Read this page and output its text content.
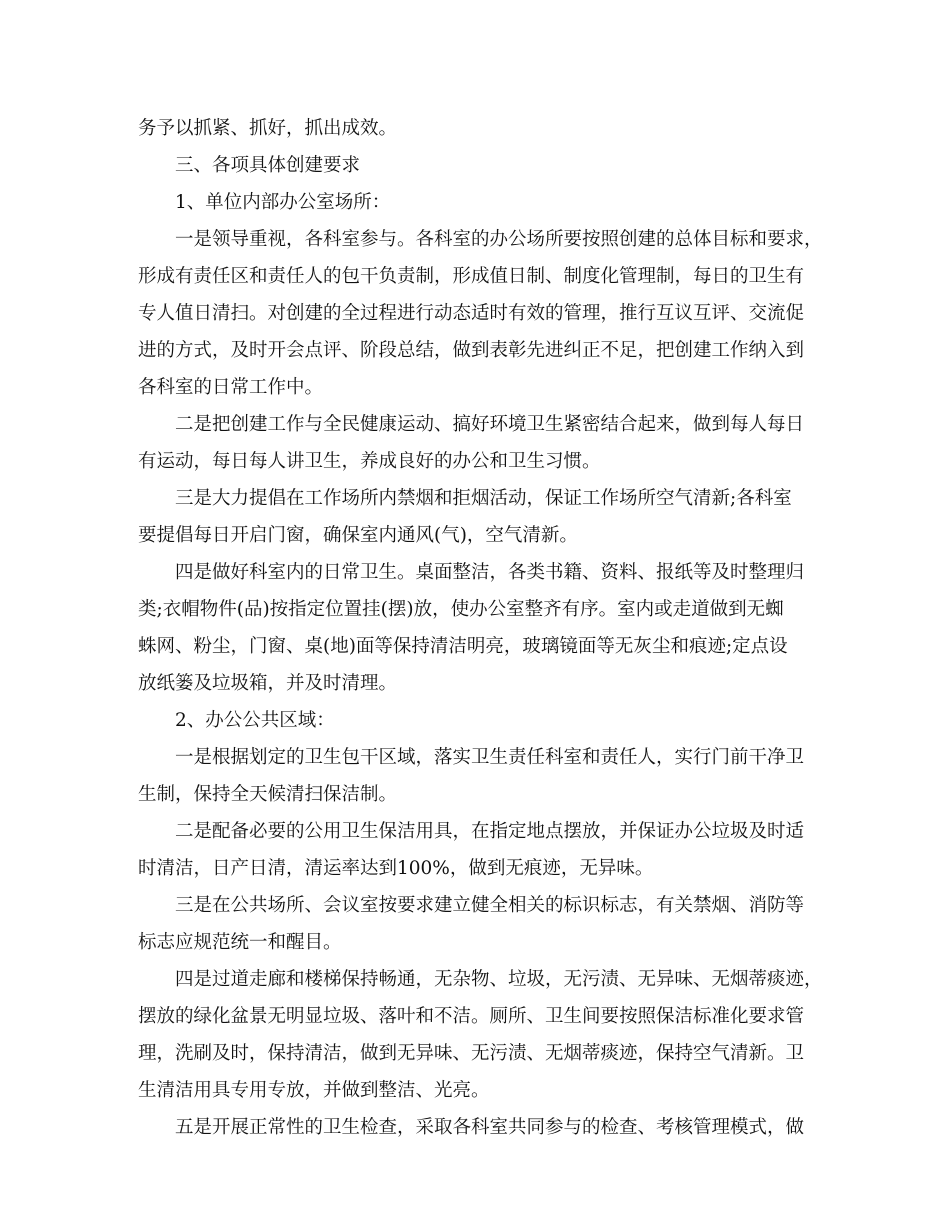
务予以抓紧、抓好，抓出成效。

三、各项具体创建要求

1、单位内部办公室场所：

一是领导重视，各科室参与。各科室的办公场所要按照创建的总体目标和要求，

形成有责任区和责任人的包干负责制，形成值日制、制度化管理制，每日的卫生有

专人值日清扫。对创建的全过程进行动态适时有效的管理，推行互议互评、交流促

进的方式，及时开会点评、阶段总结，做到表彰先进纠正不足，把创建工作纳入到

各科室的日常工作中。

二是把创建工作与全民健康运动、搞好环境卫生紧密结合起来，做到每人每日

有运动，每日每人讲卫生，养成良好的办公和卫生习惯。

三是大力提倡在工作场所内禁烟和拒烟活动，保证工作场所空气清新;各科室

要提倡每日开启门窗，确保室内通风(气)，空气清新。

四是做好科室内的日常卫生。桌面整洁，各类书籍、资料、报纸等及时整理归

类;衣帽物件(品)按指定位置挂(摆)放，使办公室整齐有序。室内或走道做到无蜘

蛛网、粉尘，门窗、桌(地)面等保持清洁明亮，玻璃镜面等无灰尘和痕迹;定点设

放纸篓及垃圾箱，并及时清理。

2、办公公共区域：

一是根据划定的卫生包干区域，落实卫生责任科室和责任人，实行门前干净卫

生制，保持全天候清扫保洁制。

二是配备必要的公用卫生保洁用具，在指定地点摆放，并保证办公垃圾及时适

时清洁，日产日清，清运率达到100%，做到无痕迹，无异味。

三是在公共场所、会议室按要求建立健全相关的标识标志，有关禁烟、消防等

标志应规范统一和醒目。

四是过道走廊和楼梯保持畅通，无杂物、垃圾，无污渍、无异味、无烟蒂痰迹，

摆放的绿化盆景无明显垃圾、落叶和不洁。厕所、卫生间要按照保洁标准化要求管

理，洗刷及时，保持清洁，做到无异味、无污渍、无烟蒂痰迹，保持空气清新。卫

生清洁用具专用专放，并做到整洁、光亮。

五是开展正常性的卫生检查，采取各科室共同参与的检查、考核管理模式，做
